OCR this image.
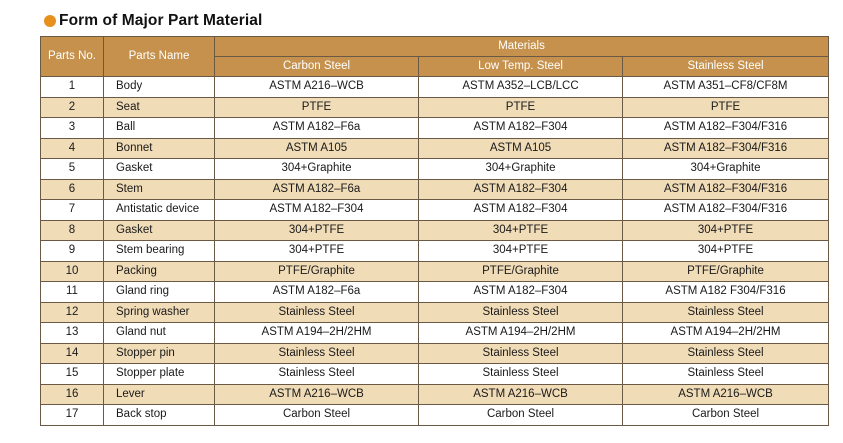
Form of Major Part Material
Parts No.	Parts Name	Materials		
		Carbon Steel	Low Temp. Steel	Stainless Steel
1	Body	ASTM A216–WCB	ASTM A352–LCB/LCC	ASTM A351–CF8/CF8M
2	Seat	PTFE	PTFE	PTFE
3	Ball	ASTM A182–F6a	ASTM A182–F304	ASTM A182–F304/F316
4	Bonnet	ASTM A105	ASTM A105	ASTM A182–F304/F316
5	Gasket	304+Graphite	304+Graphite	304+Graphite
6	Stem	ASTM A182–F6a	ASTM A182–F304	ASTM A182–F304/F316
7	Antistatic device	ASTM A182–F304	ASTM A182–F304	ASTM A182–F304/F316
8	Gasket	304+PTFE	304+PTFE	304+PTFE
9	Stem bearing	304+PTFE	304+PTFE	304+PTFE
10	Packing	PTFE/Graphite	PTFE/Graphite	PTFE/Graphite
11	Gland ring	ASTM A182–F6a	ASTM A182–F304	ASTM A182 F304/F316
12	Spring washer	Stainless Steel	Stainless Steel	Stainless Steel
13	Gland nut	ASTM A194–2H/2HM	ASTM A194–2H/2HM	ASTM A194–2H/2HM
14	Stopper pin	Stainless Steel	Stainless Steel	Stainless Steel
15	Stopper plate	Stainless Steel	Stainless Steel	Stainless Steel
16	Lever	ASTM A216–WCB	ASTM A216–WCB	ASTM A216–WCB
17	Back stop	Carbon Steel	Carbon Steel	Carbon Steel
